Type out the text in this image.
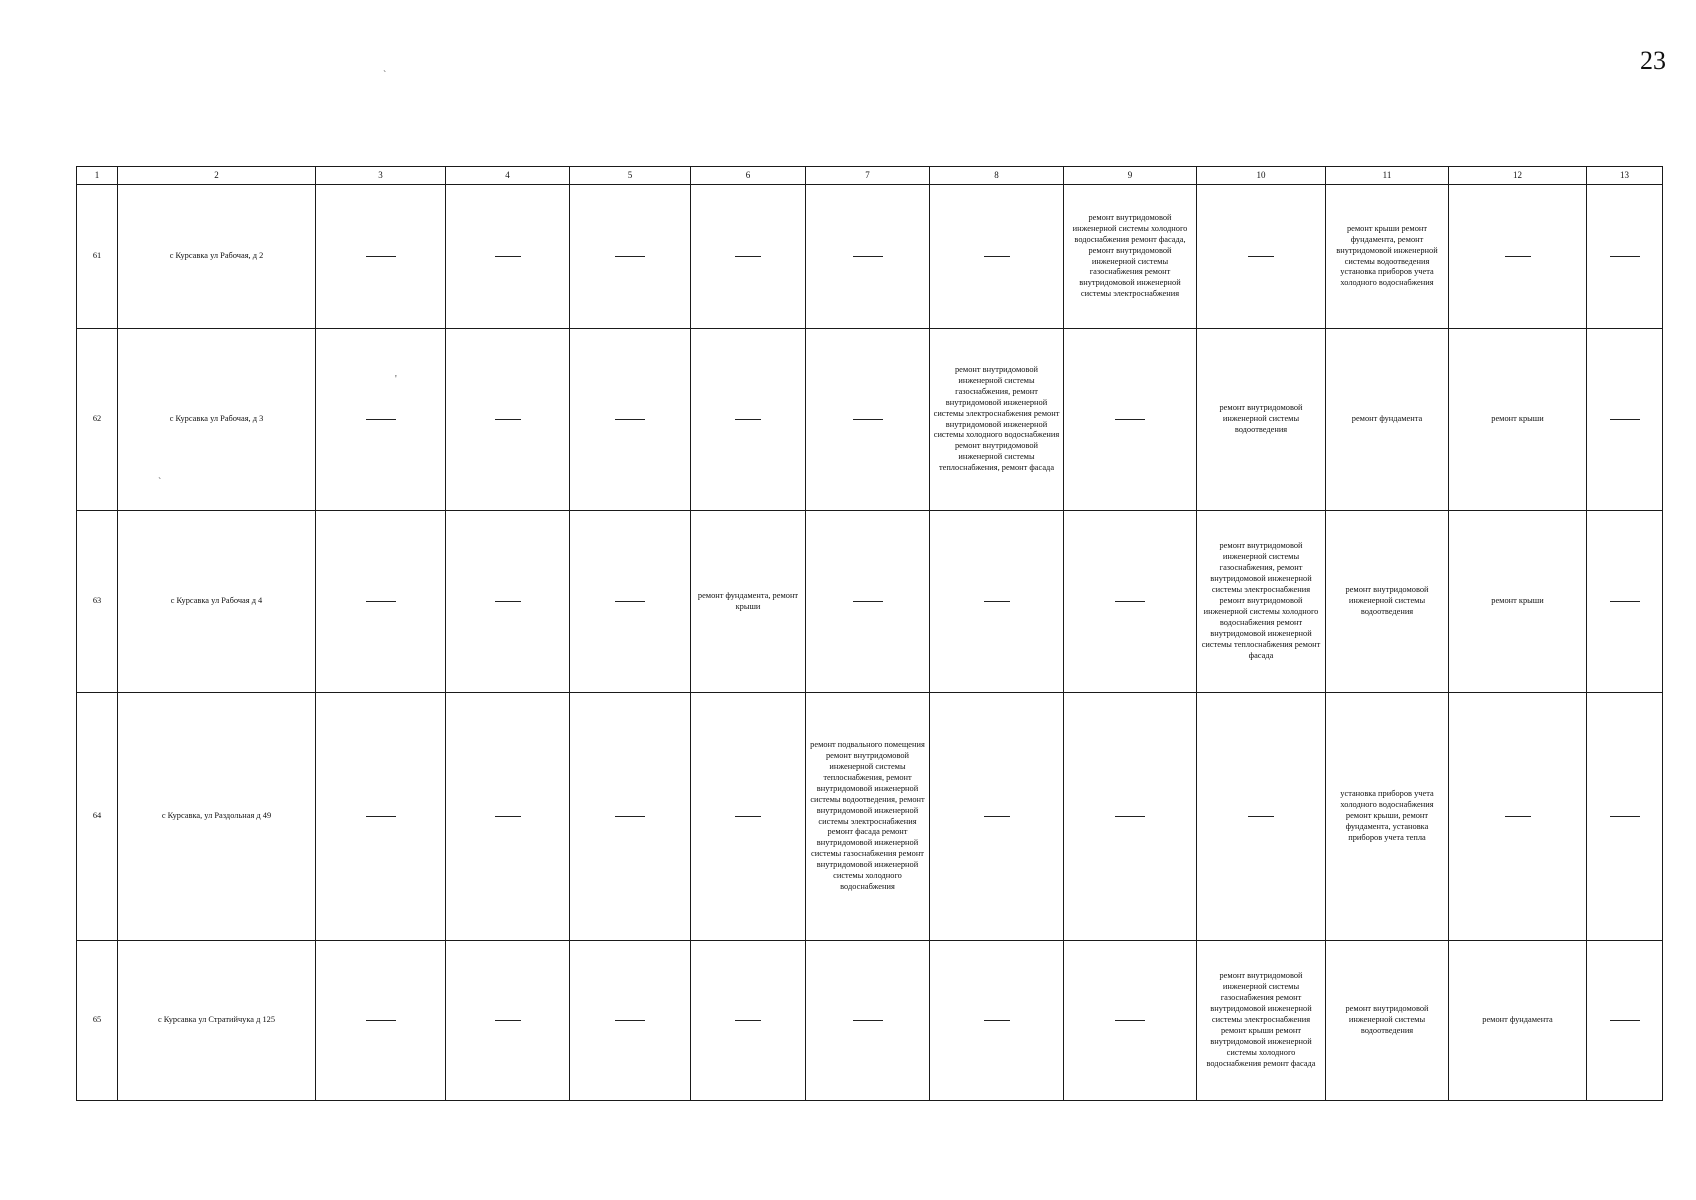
23
`
'
`
1	2	3	4	5	6	7	8	9	10	11	12	13
61	с Курсавка ул Рабочая, д 2							ремонт внутридомовой инженерной системы холодного водоснабжения ремонт фасада, ремонт внутридомовой инженерной системы газоснабжения ремонт внутридомовой инженерной системы электроснабжения		ремонт крыши ремонт фундамента, ремонт внутридомовой инженерной системы водоотведения установка приборов учета холодного водоснабжения		
62	с Курсавка ул Рабочая, д 3						ремонт внутридомовой инженерной системы газоснабжения, ремонт внутридомовой инженерной системы электроснабжения ремонт внутридомовой инженерной системы холодного водоснабжения ремонт внутридомовой инженерной системы теплоснабжения, ремонт фасада		ремонт внутридомовой инженерной системы водоотведения	ремонт фундамента	ремонт крыши	
63	с Курсавка ул Рабочая д 4				ремонт фундамента, ремонт крыши				ремонт внутридомовой инженерной системы газоснабжения, ремонт внутридомовой инженерной системы электроснабжения ремонт внутридомовой инженерной системы холодного водоснабжения ремонт внутридомовой инженерной системы теплоснабжения ремонт фасада	ремонт внутридомовой инженерной системы водоотведения	ремонт крыши	
64	с Курсавка, ул Раздольная д 49					ремонт подвального помещения ремонт внутридомовой инженерной системы теплоснабжения, ремонт внутридомовой инженерной системы водоотведения, ремонт внутридомовой инженерной системы электроснабжения ремонт фасада ремонт внутридомовой инженерной системы газоснабжения ремонт внутридомовой инженерной системы холодного водоснабжения				установка приборов учета холодного водоснабжения ремонт крыши, ремонт фундамента, установка приборов учета тепла		
65	с Курсавка ул Стратийчука д 125								ремонт внутридомовой инженерной системы газоснабжения ремонт внутридомовой инженерной системы электроснабжения ремонт крыши ремонт внутридомовой инженерной системы холодного водоснабжения ремонт фасада	ремонт внутридомовой инженерной системы водоотведения	ремонт фундамента	
